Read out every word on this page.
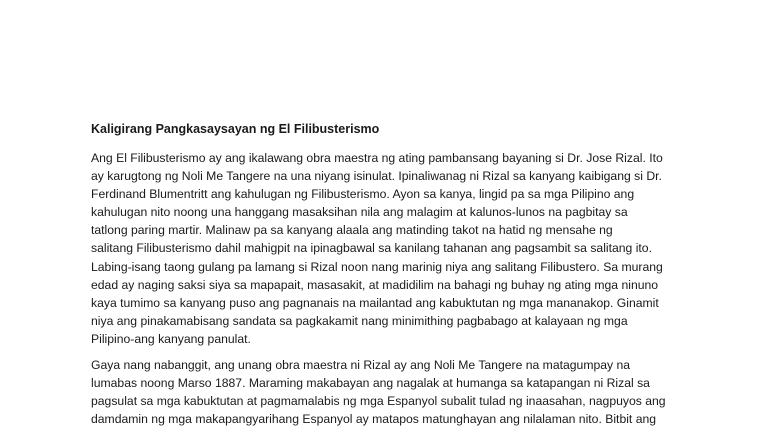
Kaligirang Pangkasaysayan ng El Filibusterismo
Ang El Filibusterismo ay ang ikalawang obra maestra ng ating pambansang bayaning si Dr. Jose Rizal. Ito
ay karugtong ng Noli Me Tangere na una niyang isinulat. Ipinaliwanag ni Rizal sa kanyang kaibigang si Dr.
Ferdinand Blumentritt ang kahulugan ng Filibusterismo. Ayon sa kanya, lingid pa sa mga Pilipino ang
kahulugan nito noong una hanggang masaksihan nila ang malagim at kalunos-lunos na pagbitay sa
tatlong paring martir. Malinaw pa sa kanyang alaala ang matinding takot na hatid ng mensahe ng
salitang Filibusterismo dahil mahigpit na ipinagbawal sa kanilang tahanan ang pagsambit sa salitang ito.
Labing-isang taong gulang pa lamang si Rizal noon nang marinig niya ang salitang Filibustero. Sa murang
edad ay naging saksi siya sa mapapait, masasakit, at madidilim na bahagi ng buhay ng ating mga ninuno
kaya tumimo sa kanyang puso ang pagnanais na mailantad ang kabuktutan ng mga mananakop. Ginamit
niya ang pinakamabisang sandata sa pagkakamit nang minimithing pagbabago at kalayaan ng mga
Pilipino-ang kanyang panulat.
Gaya nang nabanggit, ang unang obra maestra ni Rizal ay ang Noli Me Tangere na matagumpay na
lumabas noong Marso 1887. Maraming makabayan ang nagalak at humanga sa katapangan ni Rizal sa
pagsulat sa mga kabuktutan at pagmamalabis ng mga Espanyol subalit tulad ng inaasahan, nagpuyos ang
damdamin ng mga makapangyarihang Espanyol ay matapos matunghayan ang nilalaman nito. Bitbit ang
